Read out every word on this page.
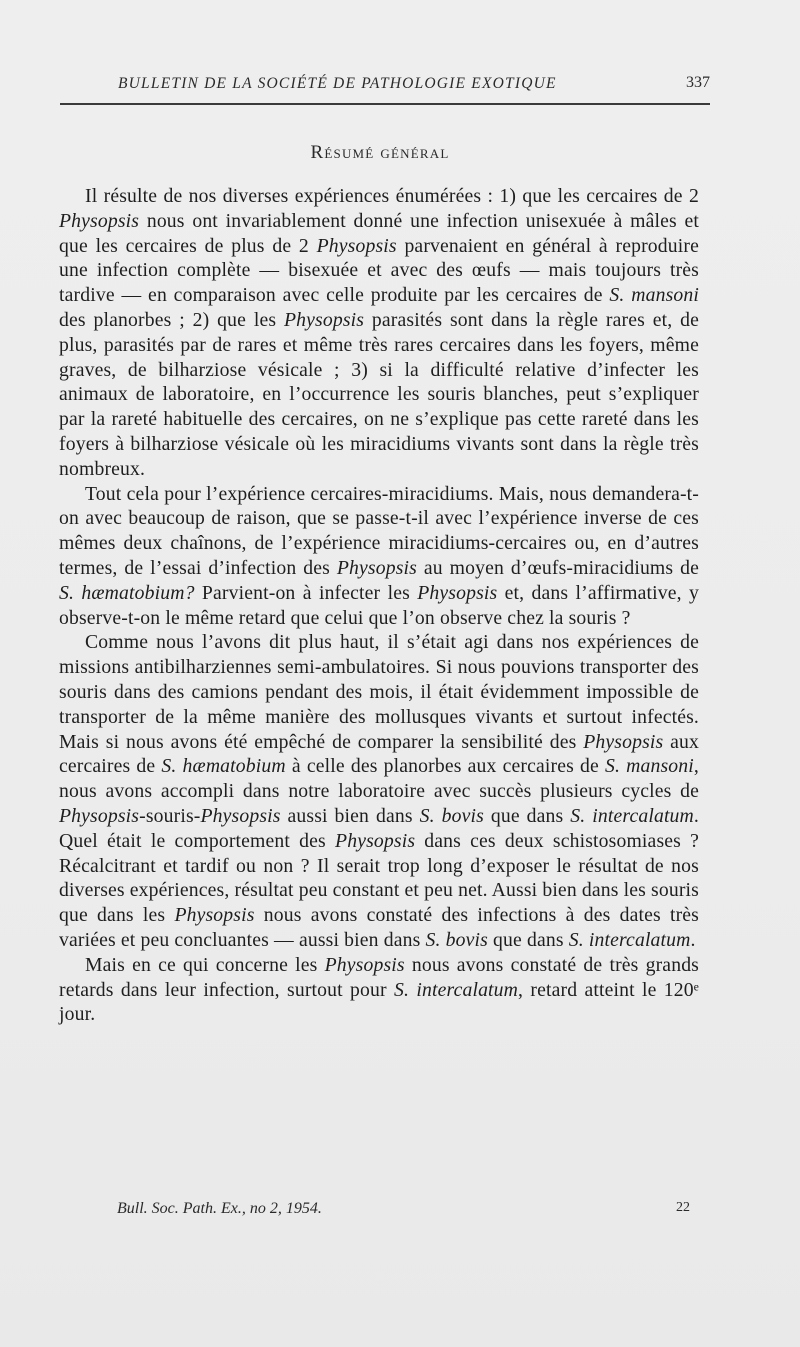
BULLETIN DE LA SOCIÉTÉ DE PATHOLOGIE EXOTIQUE	337
Résumé général

Il résulte de nos diverses expériences énumérées : 1) que les cercaires de 2 Physopsis nous ont invariablement donné une infection unisexuée à mâles et que les cercaires de plus de 2 Physopsis parvenaient en général à reproduire une infection complète — bisexuée et avec des œufs — mais toujours très tardive — en comparaison avec celle produite par les cercaires de S. mansoni des planorbes ; 2) que les Physopsis parasités sont dans la règle rares et, de plus, parasités par de rares et même très rares cercaires dans les foyers, même graves, de bilharziose vésicale ; 3) si la difficulté relative d’infecter les animaux de laboratoire, en l’occurrence les souris blanches, peut s’expliquer par la rareté habituelle des cercaires, on ne s’explique pas cette rareté dans les foyers à bilharziose vésicale où les miracidiums vivants sont dans la règle très nombreux.

Tout cela pour l’expérience cercaires-miracidiums. Mais, nous demandera-t-on avec beaucoup de raison, que se passe-t-il avec l’expérience inverse de ces mêmes deux chaînons, de l’expérience miracidiums-cercaires ou, en d’autres termes, de l’essai d’infection des Physopsis au moyen d’œufs-miracidiums de S. hæmatobium? Parvient-on à infecter les Physopsis et, dans l’affirmative, y observe-t-on le même retard que celui que l’on observe chez la souris ?

Comme nous l’avons dit plus haut, il s’était agi dans nos expériences de missions antibilharziennes semi-ambulatoires. Si nous pouvions transporter des souris dans des camions pendant des mois, il était évidemment impossible de transporter de la même manière des mollusques vivants et surtout infectés. Mais si nous avons été empêché de comparer la sensibilité des Physopsis aux cercaires de S. hæmatobium à celle des planorbes aux cercaires de S. mansoni, nous avons accompli dans notre laboratoire avec succès plusieurs cycles de Physopsis-souris-Physopsis aussi bien dans S. bovis que dans S. intercalatum. Quel était le comportement des Physopsis dans ces deux schistosomiases ? Récalcitrant et tardif ou non ? Il serait trop long d’exposer le résultat de nos diverses expériences, résultat peu constant et peu net. Aussi bien dans les souris que dans les Physopsis nous avons constaté des infections à des dates très variées et peu concluantes — aussi bien dans S. bovis que dans S. intercalatum.

Mais en ce qui concerne les Physopsis nous avons constaté de très grands retards dans leur infection, surtout pour S. intercalatum, retard atteint le 120ᵉ jour.

Bull. Soc. Path. Ex., no 2, 1954.	22
